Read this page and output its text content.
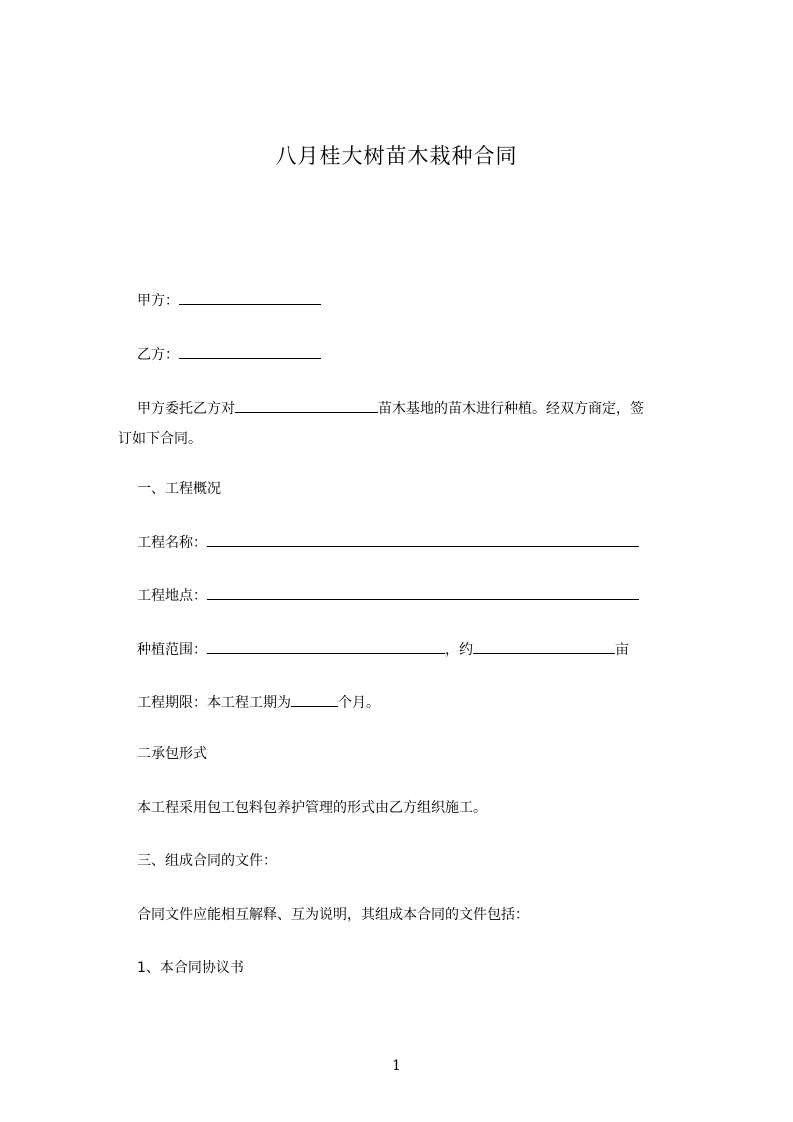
八月桂大树苗木栽种合同
甲方：
乙方：
甲方委托乙方对	苗木基地的苗木进行种植。经双方商定，签
订如下合同。
一、工程概况
工程名称：
工程地点：
种植范围：	，约	亩
工程期限：本工程工期为	个月。
二承包形式
本工程采用包工包料包养护管理的形式由乙方组织施工。
三、组成合同的文件：
合同文件应能相互解释、互为说明，其组成本合同的文件包括：
1、本合同协议书
1
